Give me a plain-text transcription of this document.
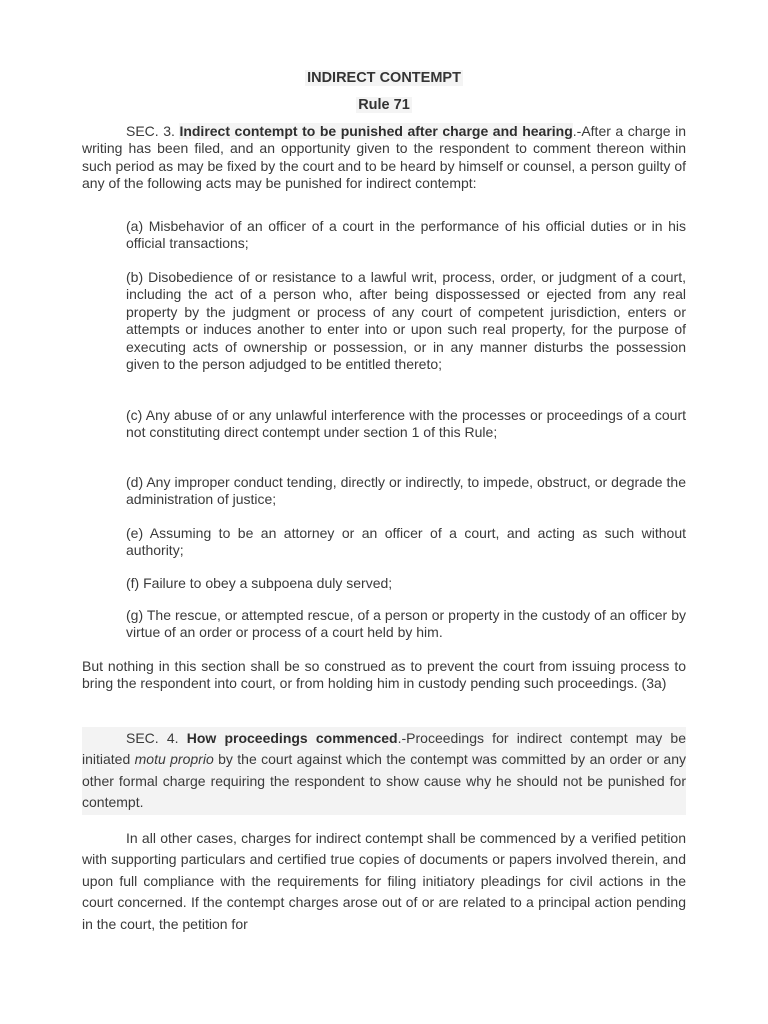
INDIRECT CONTEMPT
Rule 71
SEC. 3. Indirect contempt to be punished after charge and hearing.-After a charge in writing has been filed, and an opportunity given to the respondent to comment thereon within such period as may be fixed by the court and to be heard by himself or counsel, a person guilty of any of the following acts may be punished for indirect contempt:
(a) Misbehavior of an officer of a court in the performance of his official duties or in his official transactions;
(b) Disobedience of or resistance to a lawful writ, process, order, or judgment of a court, including the act of a person who, after being dispossessed or ejected from any real property by the judgment or process of any court of competent jurisdiction, enters or attempts or induces another to enter into or upon such real property, for the purpose of executing acts of ownership or possession, or in any manner disturbs the possession given to the person adjudged to be entitled thereto;
(c) Any abuse of or any unlawful interference with the processes or proceedings of a court not constituting direct contempt under section 1 of this Rule;
(d) Any improper conduct tending, directly or indirectly, to impede, obstruct, or degrade the administration of justice;
(e) Assuming to be an attorney or an officer of a court, and acting as such without authority;
(f) Failure to obey a subpoena duly served;
(g) The rescue, or attempted rescue, of a person or property in the custody of an officer by virtue of an order or process of a court held by him.
But nothing in this section shall be so construed as to prevent the court from issuing process to bring the respondent into court, or from holding him in custody pending such proceedings. (3a)
SEC. 4. How proceedings commenced.-Proceedings for indirect contempt may be initiated motu proprio by the court against which the contempt was committed by an order or any other formal charge requiring the respondent to show cause why he should not be punished for contempt.
In all other cases, charges for indirect contempt shall be commenced by a verified petition with supporting particulars and certified true copies of documents or papers involved therein, and upon full compliance with the requirements for filing initiatory pleadings for civil actions in the court concerned. If the contempt charges arose out of or are related to a principal action pending in the court, the petition for
